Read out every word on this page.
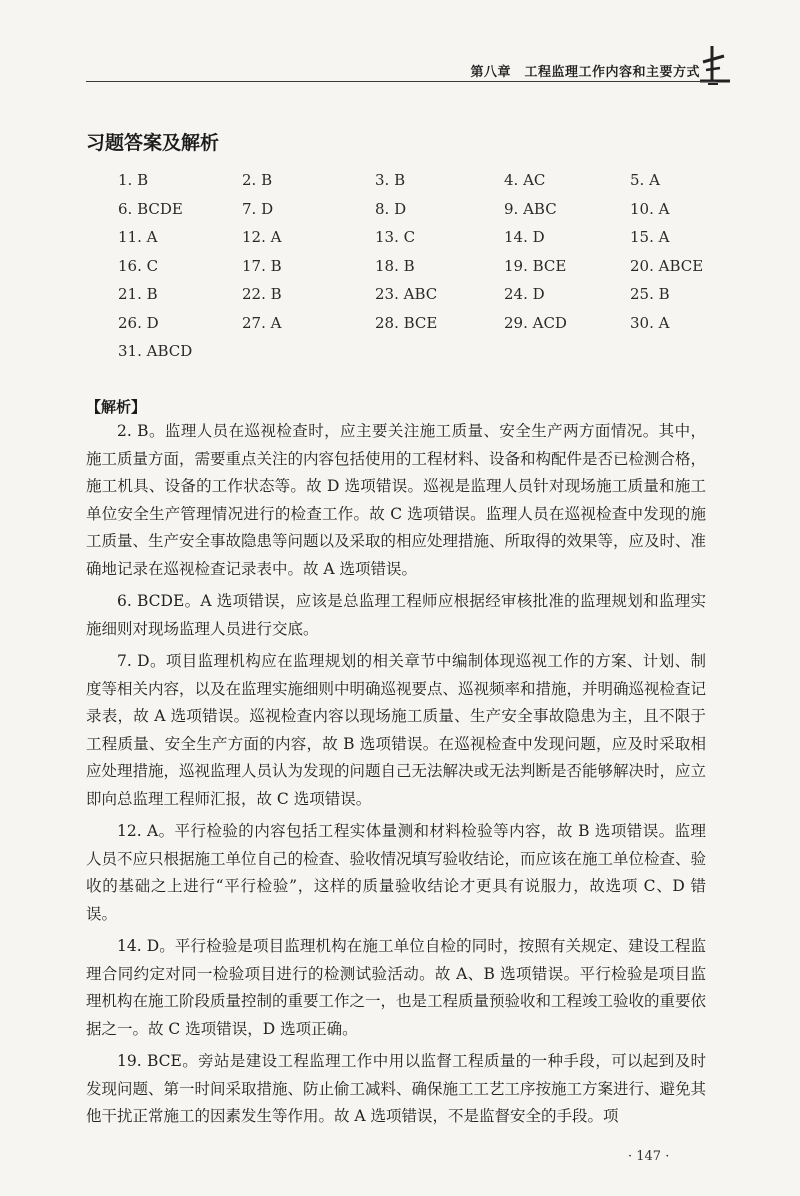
第八章　工程监理工作内容和主要方式
习题答案及解析
1. B	2. B	3. B	4. AC	5. A
6. BCDE	7. D	8. D	9. ABC	10. A
11. A	12. A	13. C	14. D	15. A
16. C	17. B	18. B	19. BCE	20. ABCE
21. B	22. B	23. ABC	24. D	25. B
26. D	27. A	28. BCE	29. ACD	30. A
31. ABCD
【解析】

2. B。监理人员在巡视检查时，应主要关注施工质量、安全生产两方面情况。其中，施工质量方面，需要重点关注的内容包括使用的工程材料、设备和构配件是否已检测合格，施工机具、设备的工作状态等。故 D 选项错误。巡视是监理人员针对现场施工质量和施工单位安全生产管理情况进行的检查工作。故 C 选项错误。监理人员在巡视检查中发现的施工质量、生产安全事故隐患等问题以及采取的相应处理措施、所取得的效果等，应及时、准确地记录在巡视检查记录表中。故 A 选项错误。

6. BCDE。A 选项错误，应该是总监理工程师应根据经审核批准的监理规划和监理实施细则对现场监理人员进行交底。

7. D。项目监理机构应在监理规划的相关章节中编制体现巡视工作的方案、计划、制度等相关内容，以及在监理实施细则中明确巡视要点、巡视频率和措施，并明确巡视检查记录表，故 A 选项错误。巡视检查内容以现场施工质量、生产安全事故隐患为主，且不限于工程质量、安全生产方面的内容，故 B 选项错误。在巡视检查中发现问题，应及时采取相应处理措施，巡视监理人员认为发现的问题自己无法解决或无法判断是否能够解决时，应立即向总监理工程师汇报，故 C 选项错误。

12. A。平行检验的内容包括工程实体量测和材料检验等内容，故 B 选项错误。监理人员不应只根据施工单位自己的检查、验收情况填写验收结论，而应该在施工单位检查、验收的基础之上进行“平行检验”，这样的质量验收结论才更具有说服力，故选项 C、D 错误。

14. D。平行检验是项目监理机构在施工单位自检的同时，按照有关规定、建设工程监理合同约定对同一检验项目进行的检测试验活动。故 A、B 选项错误。平行检验是项目监理机构在施工阶段质量控制的重要工作之一，也是工程质量预验收和工程竣工验收的重要依据之一。故 C 选项错误，D 选项正确。

19. BCE。旁站是建设工程监理工作中用以监督工程质量的一种手段，可以起到及时发现问题、第一时间采取措施、防止偷工减料、确保施工工艺工序按施工方案进行、避免其他干扰正常施工的因素发生等作用。故 A 选项错误，不是监督安全的手段。项

· 147 ·
